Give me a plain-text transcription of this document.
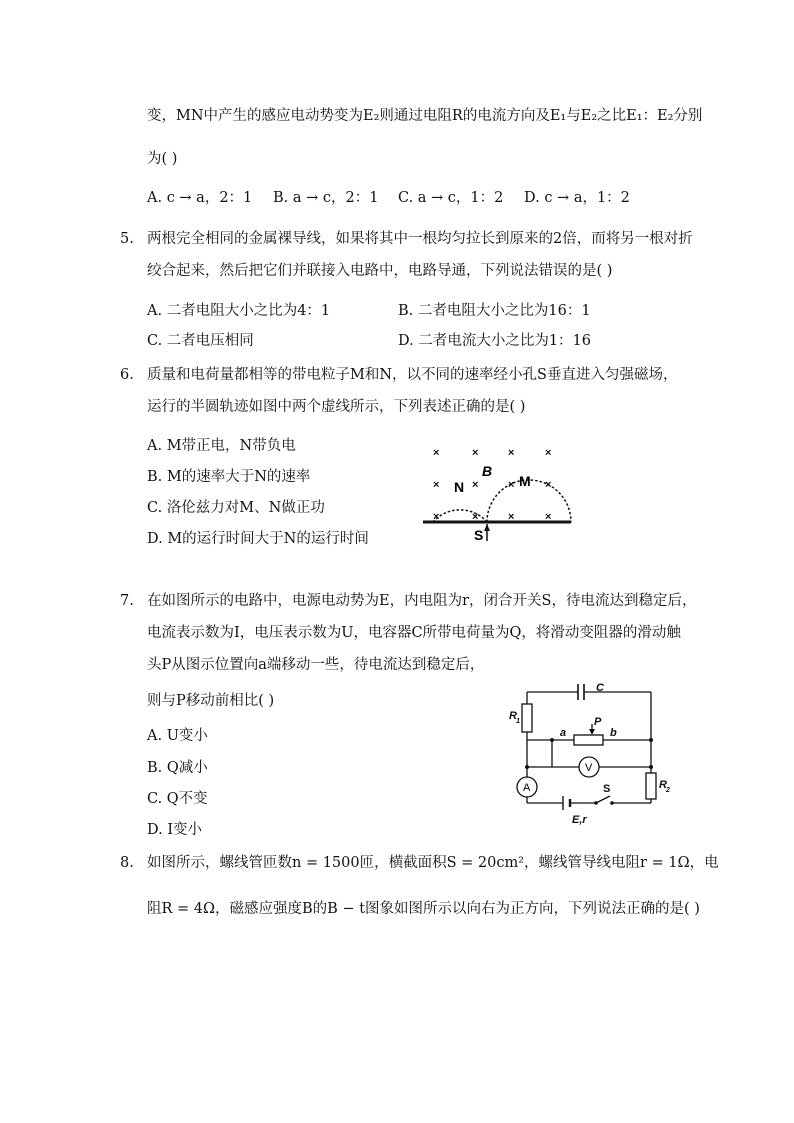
变，MN中产生的感应电动势变为E₂则通过电阻R的电流方向及E₁与E₂之比E₁：E₂分别
为( )
A. c → a，2：1 B. a → c，2：1 C. a → c，1：2 D. c → a，1：2
5. 两根完全相同的金属裸导线，如果将其中一根均匀拉长到原来的2倍，而将另一根对折
绞合起来，然后把它们并联接入电路中，电路导通，下列说法错误的是( )
A. 二者电阻大小之比为4：1	B. 二者电阻大小之比为16：1
C. 二者电压相同	D. 二者电流大小之比为1：16
6. 质量和电荷量都相等的带电粒子M和N，以不同的速率经小孔S垂直进入匀强磁场，
运行的半圆轨迹如图中两个虚线所示，下列表述正确的是( )
A. M带正电，N带负电
B. M的速率大于N的速率
C. 洛伦兹力对M、N做正功
D. M的运行时间大于N的运行时间
×	×	×	×
×	×	×	×
×	×	×	×
B
N	M
S
7. 在如图所示的电路中，电源电动势为E，内电阻为r，闭合开关S，待电流达到稳定后，
电流表示数为I，电压表示数为U，电容器C所带电荷量为Q，将滑动变阻器的滑动触
头P从图示位置向a端移动一些，待电流达到稳定后，
则与P移动前相比( )
A. U变小
B. Q减小
C. Q不变
D. I变小
V
A
C
R 1	P
a	b
R 2
E,r
S
8. 如图所示，螺线管匝数n = 1500匝，横截面积S = 20cm²，螺线管导线电阻r = 1Ω，电
阻R = 4Ω，磁感应强度B的B − t图象如图所示以向右为正方向，下列说法正确的是( )
